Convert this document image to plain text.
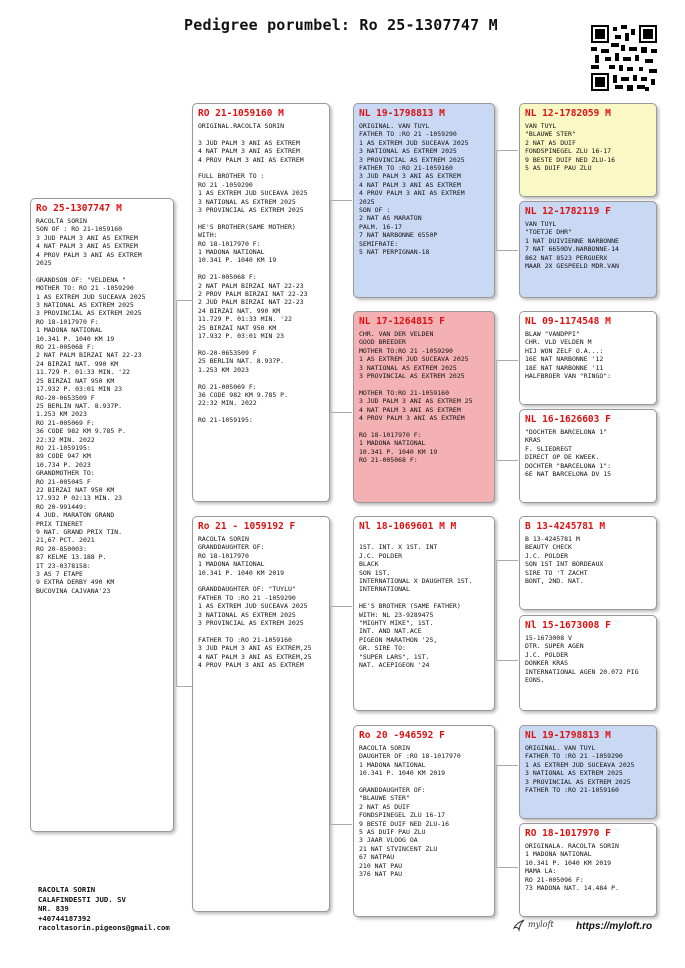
Pedigree porumbel: Ro 25-1307747 M
Ro 25-1307747 M
RACOLTA SORIN
SON OF : RO 21-1059160
3 JUD PALM 3 ANI AS EXTREM
4 NAT PALM 3 ANI AS EXTREM
4 PROV PALM 3 ANI AS EXTREM
2025
GRANDSON OF: "VELDENA "
MOTHER TO: RO 21 -1059290
1 AS EXTREM JUD SUCEAVA 2025
3 NATIONAL AS EXTREM 2025
3 PROVINCIAL AS EXTREM 2025
RO 18-1017970 F:
1 MADONA NATIONAL
10.341 P. 1040 KM 19
RO 21-005068 F:
2 NAT PALM BIRZAI NAT 22-23
24 BIRZAI NAT. 990 KM
11.729 P. 01:33 MIN. '22
25 BIRZAI NAT 950 KM
17.932 P. 03:01 MIN 23
RO-20-0653509 F
25 BERLIN NAT. 8.937P.
1.253 KM 2023
RO 21-005069 F:
36 CODE 982 KM 9.785 P.
22:32 MIN. 2022
RO 21-1059195:
89 CODE 947 KM
10.734 P. 2023
GRANDMOTHER TO:
RO 21-005045 F
22 BIRZAI NAT 950 KM
17.932 P 02:13 MIN. 23
RO 20-991449:
4 JUD. MARATON GRAND
PRIX TINERET
9 NAT. GRAND PRIX TIN.
21,67 PCT. 2021
RO 20-850003:
87 KELME 13.188 P.
IT 23-0378158:
3 AS 7 ETAPE
9 EXTRA DERBY 490 KM
BUCOVINA CAJVANA'23
RO 21-1059160 M
ORIGINAL.RACOLTA SORIN
3 JUD PALM 3 ANI AS EXTREM
4 NAT PALM 3 ANI AS EXTREM
4 PROV PALM 3 ANI AS EXTREM
FULL BROTHER TO :
RO 21 -1059290
1 AS EXTREM JUD SUCEAVA 2025
3 NATIONAL AS EXTREM 2025
3 PROVINCIAL AS EXTREM 2025
HE'S BROTHER(SAME MOTHER)
WITH:
RO 18-1017970 F:
1 MADONA NATIONAL
10.341 P. 1040 KM 19
RO 21-005068 F:
2 NAT PALM BIRZAI NAT 22-23
2 PROV PALM BIRZAI NAT 22-23
2 JUD PALM BIRZAI NAT 22-23
24 BIRZAI NAT. 990 KM
11.729 P. 01:33 MIN. '22
25 BIRZAI NAT 950 KM
17.932 P. 03:01 MIN 23
RO-20-0653509 F
25 BERLIN NAT. 8.937P.
1.253 KM 2023
RO 21-005069 F:
36 CODE 982 KM 9.785 P.
22:32 MIN. 2022
RO 21-1059195:
Ro 21 - 1059192 F
RACOLTA SORIN
GRANDDAUGHTER OF:
RO 18-1017970
1 MADONA NATIONAL
10.341 P. 1040 KM 2019
GRANDDAUGHTER OF: "TUYLU"
FATHER TO :RO 21 -1059290
1 AS EXTREM JUD SUCEAVA 2025
3 NATIONAL AS EXTREM 2025
3 PROVINCIAL AS EXTREM 2025
FATHER TO :RO 21-1059160
3 JUD PALM 3 ANI AS EXTREM,25
4 NAT PALM 3 ANI AS EXTREM,25
4 PROV PALM 3 ANI AS EXTREM
NL 19-1798813 M
ORIGINAL. VAN TUYL
FATHER TO :RO 21 -1059290
1 AS EXTREM JUD SUCEAVA 2025
3 NATIONAL AS EXTREM 2025
3 PROVINCIAL AS EXTREM 2025
FATHER TO :RO 21-1059160
3 JUD PALM 3 ANI AS EXTREM
4 NAT PALM 3 ANI AS EXTREM
4 PROV PALM 3 ANI AS EXTREM
2025
SON OF :
2 NAT AS MARATON
PALM. 16-17
7 NAT NARBONNE 6550P
SEMIFRATE:
5 NAT PERPIGNAN-18
NL 17-1264815 F
CHR. VAN DER VELDEN
GOOD BREEDER
MOTHER TO:RO 21 -1059290
1 AS EXTREM JUD SUCEAVA 2025
3 NATIONAL AS EXTREM 2025
3 PROVINCIAL AS EXTREM 2025
MOTHER TO:RO 21-1059160
3 JUD PALM 3 ANI AS EXTREM 25
4 NAT PALM 3 ANI AS EXTREM
4 PROV PALM 3 ANI AS EXTREM
RO 18-1017970 F:
1 MADONA NATIONAL
10.341 P. 1040 KM 19
RO 21-005068 F:
Nl 18-1069601 M M
1ST. INT. X 1ST. INT
J.C. POLDER
BLACK
SON 1ST.
INTERNATIONAL X DAUGHTER 1ST.
INTERNATIONAL
HE'S BROTHER (SAME FATHER)
WITH: NL 23-9289475
"MIGHTY MIKE", 1ST.
INT. AND NAT.ACE
PIGEON MARATHON '25,
GR. SIRE TO:
"SUPER LARS", 1ST.
NAT. ACEPIGEON '24
Ro 20 -946592 F
RACOLTA SORIN
DAUGHTER OF :RO 18-1017970
1 MADONA NATIONAL
10.341 P. 1040 KM 2019
GRANDDAUGHTER OF:
"BLAUWE STER"
2 NAT AS DUIF
FONDSPINEGEL ZLU 16-17
9 BESTE DUIF NED ZLU-16
5 AS DUIF PAU ZLU
3 JAAR VLOOG OA
21 NAT STVINCENT ZLU
67 NATPAU
210 NAT PAU
376 NAT PAU
NL 12-1782059 M
VAN TUYL
"BLAUWE STER"
2 NAT AS DUIF
FONDSPINEGEL ZLU 16-17
9 BESTE DUIF NED ZLU-16
5 AS DUIF PAU ZLU
NL 12-1782119 F
VAN TUYL
"TOETJE DHR"
1 NAT DUIVIENNE NARBONNE
7 NAT 6650DV.NARBONNE-14
862 NAT 8523 PERGUERX
MAAR 2X GESPEELD MDR.VAN
NL 09-1174548 M
BLAW "VANDPPI"
CHR. VLD VELDEN M
HIJ WON ZELF O.A...:
16E NAT NARBONNE '12
18E NAT NARBONNE '11
HALFBROER VAN "RINGO":
NL 16-1626603 F
"DOCHTER BARCELONA 1"
KRAS
F. SLIEDREGT
DIRECT OP DE KWEEK.
DOCHTER "BARCELONA 1":
6E NAT BARCELONA DV 15
B 13-4245781 M
B 13-4245781 M
BEAUTY CHECK
J.C. POLDER
SON 1ST INT BORDEAUX
SIRE TO 'T ZACHT
BONT, 2ND. NAT.
Nl 15-1673008 F
15-1673008 V
DTR. SUPER AGEN
J.C. POLDER
DONKER KRAS
INTERNATIONAL AGEN 20.072 PIG
EONS.
NL 19-1798813 M
ORIGINAL. VAN TUYL
FATHER TO :RO 21 -1059290
1 AS EXTREM JUD SUCEAVA 2025
3 NATIONAL AS EXTREM 2025
3 PROVINCIAL AS EXTREM 2025
FATHER TO :RO 21-1059160
RO 18-1017970 F
ORIGINALA. RACOLTA SORIN
1 MADONA NATIONAL
10.341 P. 1040 KM 2019
MAMA LA:
RO 21-005096 F:
73 MADONA NAT. 14.484 P.
RACOLTA SORIN
CALAFINDESTI JUD. SV
NR. 839
+40744187392
racoltasorin.pigeons@gmail.com	myloft https://myloft.ro
